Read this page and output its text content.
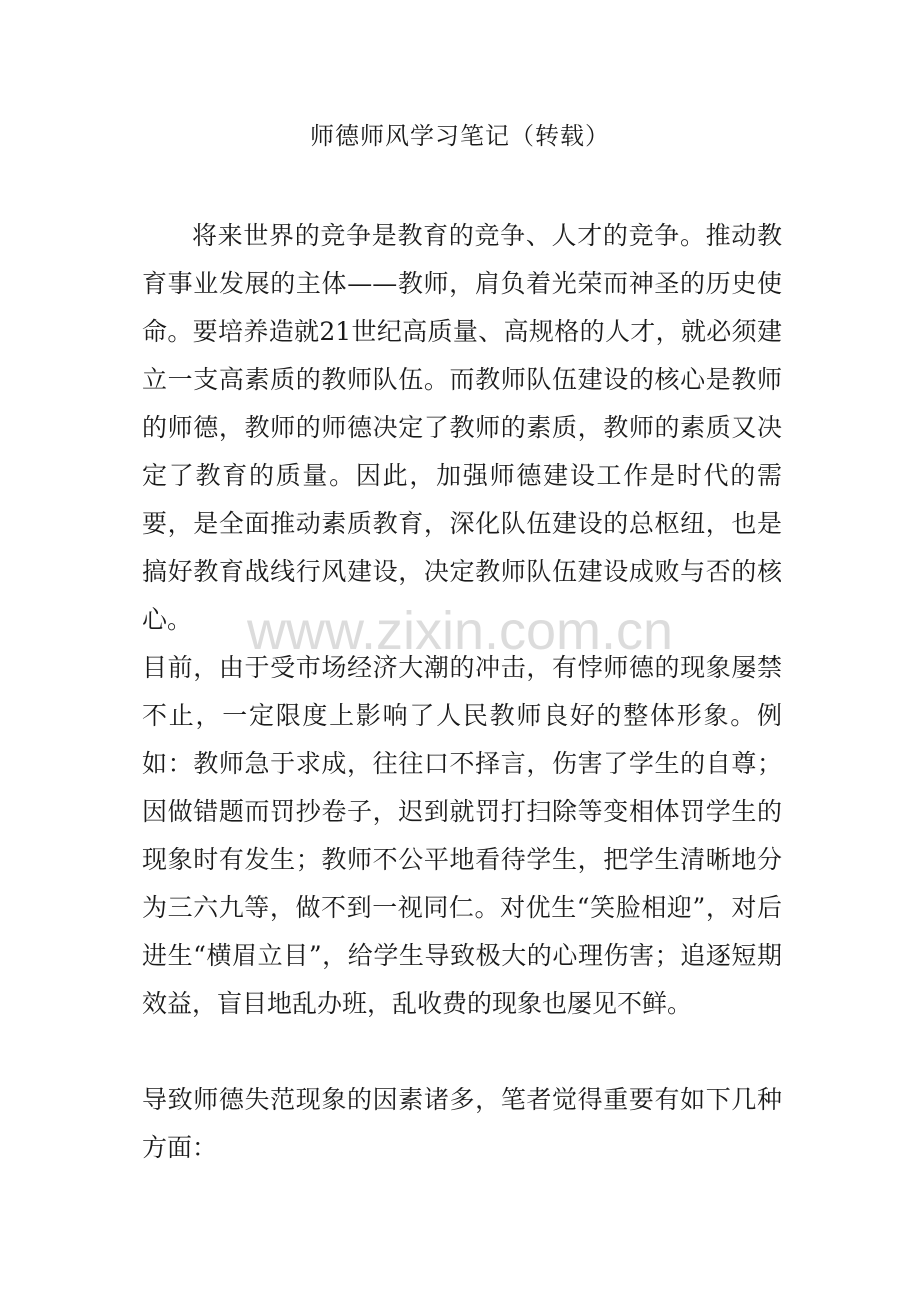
师德师风学习笔记（转载）

将来世界的竞争是教育的竞争、人才的竞争。推动教育事业发展的主体——教师，肩负着光荣而神圣的历史使命。要培养造就21世纪高质量、高规格的人才，就必须建立一支高素质的教师队伍。而教师队伍建设的核心是教师的师德，教师的师德决定了教师的素质，教师的素质又决定了教育的质量。因此，加强师德建设工作是时代的需要，是全面推动素质教育，深化队伍建设的总枢纽，也是搞好教育战线行风建设，决定教师队伍建设成败与否的核心。	www.zixin.com.cn

目前，由于受市场经济大潮的冲击，有悖师德的现象屡禁不止，一定限度上影响了人民教师良好的整体形象。例如：教师急于求成，往往口不择言，伤害了学生的自尊；因做错题而罚抄卷子，迟到就罚打扫除等变相体罚学生的现象时有发生；教师不公平地看待学生，把学生清晰地分为三六九等，做不到一视同仁。对优生“笑脸相迎”，对后进生“横眉立目”，给学生导致极大的心理伤害；追逐短期效益，盲目地乱办班，乱收费的现象也屡见不鲜。

导致师德失范现象的因素诸多，笔者觉得重要有如下几种方面：
